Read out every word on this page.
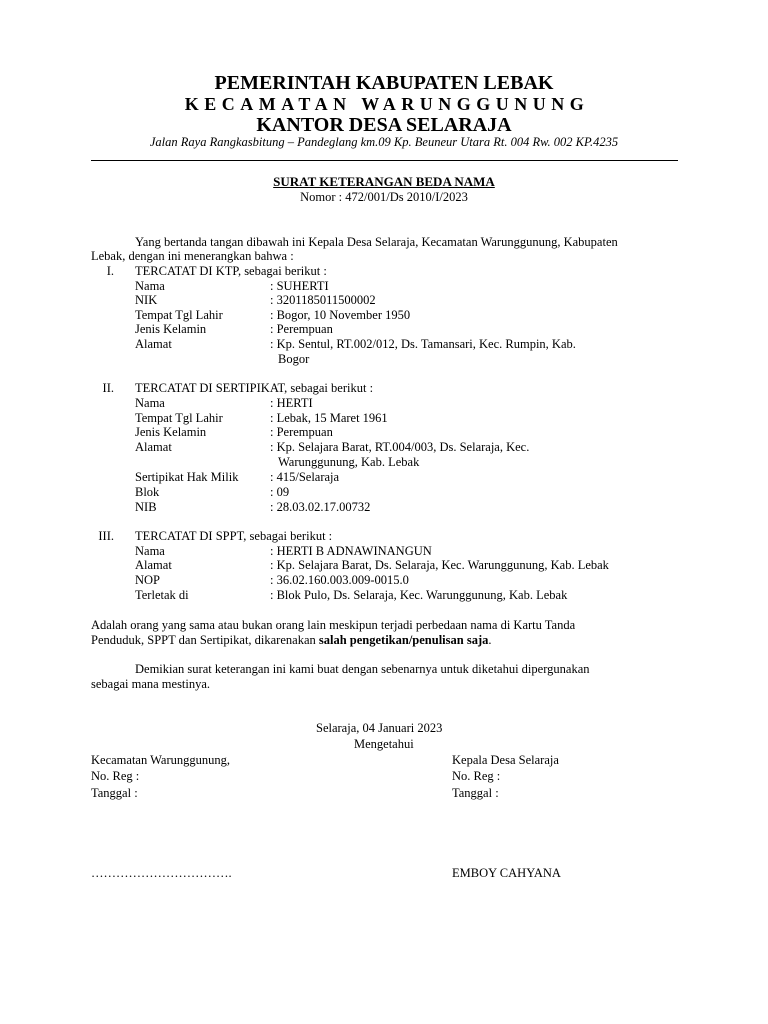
PEMERINTAH KABUPATEN LEBAK
KECAMATAN WARUNGGUNUNG
KANTOR DESA SELARAJA
Jalan Raya Rangkasbitung – Pandeglang km.09 Kp. Beuneur Utara Rt. 004 Rw. 002 KP.4235
SURAT KETERANGAN BEDA NAMA
Nomor : 472/001/Ds 2010/I/2023
Yang bertanda tangan dibawah ini Kepala Desa Selaraja, Kecamatan Warunggunung, Kabupaten
Lebak, dengan ini menerangkan bahwa :
I. TERCATAT DI KTP, sebagai berikut :
Nama	: SUHERTI
NIK	: 3201185011500002
Tempat Tgl Lahir	: Bogor, 10 November 1950
Jenis Kelamin	: Perempuan
Alamat	: Kp. Sentul, RT.002/012, Ds. Tamansari, Kec. Rumpin, Kab.
Bogor
II. TERCATAT DI SERTIPIKAT, sebagai berikut :
Nama	: HERTI
Tempat Tgl Lahir	: Lebak, 15 Maret 1961
Jenis Kelamin	: Perempuan
Alamat	: Kp. Selajara Barat, RT.004/003, Ds. Selaraja, Kec.
Warunggunung, Kab. Lebak
Sertipikat Hak Milik	: 415/Selaraja
Blok	: 09
NIB	: 28.03.02.17.00732
III. TERCATAT DI SPPT, sebagai berikut :
Nama	: HERTI B ADNAWINANGUN
Alamat	: Kp. Selajara Barat, Ds. Selaraja, Kec. Warunggunung, Kab. Lebak
NOP	: 36.02.160.003.009-0015.0
Terletak di	: Blok Pulo, Ds. Selaraja, Kec. Warunggunung, Kab. Lebak
Adalah orang yang sama atau bukan orang lain meskipun terjadi perbedaan nama di Kartu Tanda
Penduduk, SPPT dan Sertipikat, dikarenakan salah pengetikan/penulisan saja.
Demikian surat keterangan ini kami buat dengan sebenarnya untuk diketahui dipergunakan
sebagai mana mestinya.
Selaraja, 04 Januari 2023
Mengetahui
Kecamatan Warunggunung,
No. Reg :
Tanggal :
…………………………….
Kepala Desa Selaraja
No. Reg :
Tanggal :
EMBOY CAHYANA
